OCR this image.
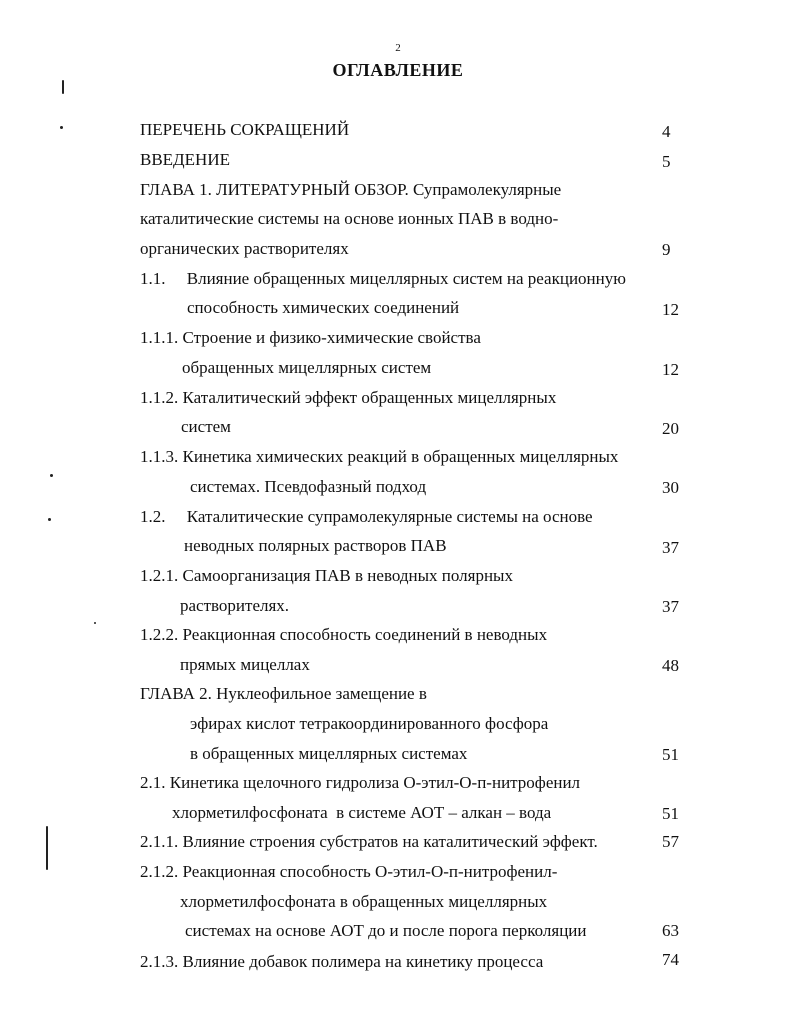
2
ОГЛАВЛЕНИЕ
ПЕРЕЧЕНЬ СОКРАЩЕНИЙ	4
ВВЕДЕНИЕ	5
ГЛАВА 1. ЛИТЕРАТУРНЫЙ ОБЗОР. Супрамолекулярные
каталитические системы на основе ионных ПАВ в водно-
органических растворителях	9
1.1.     Влияние обращенных мицеллярных систем на реакционную
способность химических соединений	12
1.1.1. Строение и физико-химические свойства
обращенных мицеллярных систем	12
1.1.2. Каталитический эффект обращенных мицеллярных
систем	20
1.1.3. Кинетика химических реакций в обращенных мицеллярных
системах. Псевдофазный подход	30
1.2.     Каталитические супрамолекулярные системы на основе
неводных полярных растворов ПАВ	37
1.2.1. Самоорганизация ПАВ в неводных полярных
растворителях.	37
1.2.2. Реакционная способность соединений в неводных
прямых мицеллах	48
ГЛАВА 2. Нуклеофильное замещение в
эфирах кислот тетракоординированного фосфора
в обращенных мицеллярных системах	51
2.1. Кинетика щелочного гидролиза О-этил-О-п-нитрофенил
хлорметилфосфоната  в системе АОТ – алкан – вода	51
2.1.1. Влияние строения субстратов на каталитический эффект.	57
2.1.2. Реакционная способность О-этил-О-п-нитрофенил-
хлорметилфосфоната в обращенных мицеллярных
системах на основе АОТ до и после порога перколяции	63
2.1.3. Влияние добавок полимера на кинетику процесса	74
